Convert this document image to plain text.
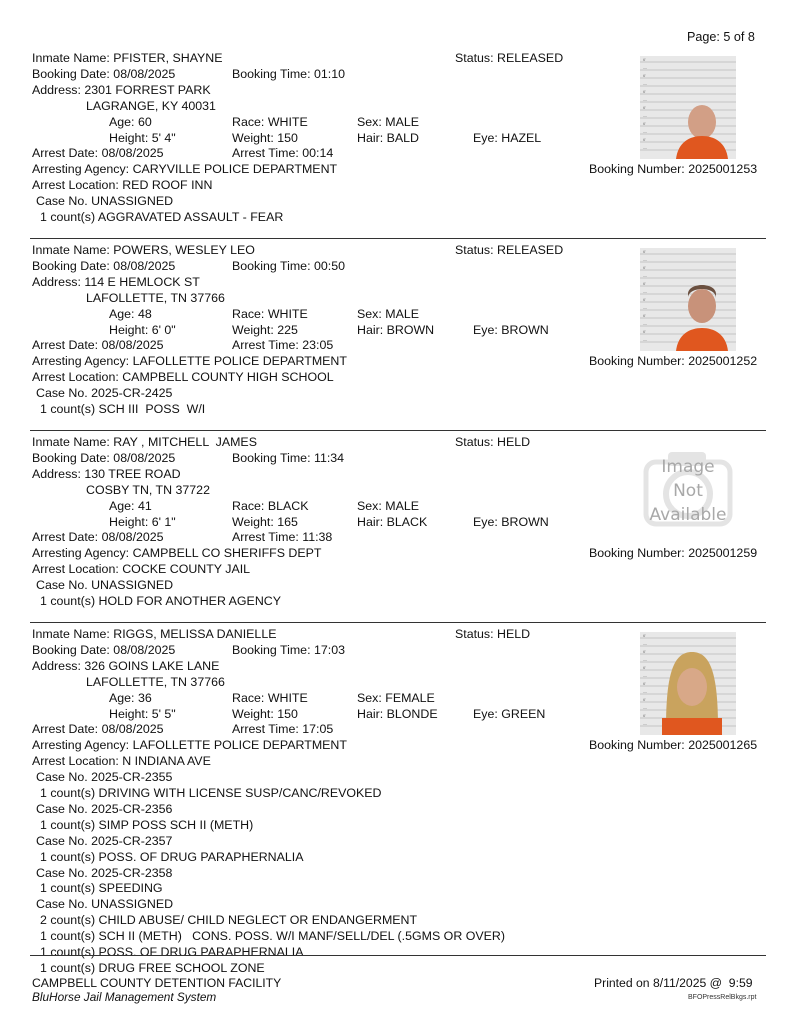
Page: 5 of 8
Inmate Name: PFISTER, SHAYNE	Status: RELEASED
Booking Date: 08/08/2025	Booking Time: 01:10
Address: 2301 FORREST PARK
LAGRANGE, KY 40031
Age: 60	Race: WHITE	Sex: MALE
Height: 5' 4"	Weight: 150	Hair: BALD	Eye: HAZEL
Arrest Date: 08/08/2025	Arrest Time: 00:14
Arresting Agency: CARYVILLE POLICE DEPARTMENT	Booking Number: 2025001253
Arrest Location: RED ROOF INN
Case No. UNASSIGNED
1 count(s) AGGRAVATED ASSAULT - FEAR
6'
—
6'
—
6'
—
6'
—
6'
—
6'
—
Inmate Name: POWERS, WESLEY LEO	Status: RELEASED
Booking Date: 08/08/2025	Booking Time: 00:50
Address: 114 E HEMLOCK ST
LAFOLLETTE, TN 37766
Age: 48	Race: WHITE	Sex: MALE
Height: 6' 0"	Weight: 225	Hair: BROWN	Eye: BROWN
Arrest Date: 08/08/2025	Arrest Time: 23:05
Arresting Agency: LAFOLLETTE POLICE DEPARTMENT	Booking Number: 2025001252
Arrest Location: CAMPBELL COUNTY HIGH SCHOOL
Case No. 2025-CR-2425
1 count(s) SCH III  POSS  W/I
6'
—
6'
—
6'
—
6'
—
6'
—
6'
—
Inmate Name: RAY , MITCHELL  JAMES	Status: HELD
Booking Date: 08/08/2025	Booking Time: 11:34
Address: 130 TREE ROAD
COSBY TN, TN 37722
Age: 41	Race: BLACK	Sex: MALE
Height: 6' 1"	Weight: 165	Hair: BLACK	Eye: BROWN
Arrest Date: 08/08/2025	Arrest Time: 11:38
Arresting Agency: CAMPBELL CO SHERIFFS DEPT	Booking Number: 2025001259
Arrest Location: COCKE COUNTY JAIL
Case No. UNASSIGNED
1 count(s) HOLD FOR ANOTHER AGENCY
Image
Not
Available
Inmate Name: RIGGS, MELISSA DANIELLE	Status: HELD
Booking Date: 08/08/2025	Booking Time: 17:03
Address: 326 GOINS LAKE LANE
LAFOLLETTE, TN 37766
Age: 36	Race: WHITE	Sex: FEMALE
Height: 5' 5"	Weight: 150	Hair: BLONDE	Eye: GREEN
Arrest Date: 08/08/2025	Arrest Time: 17:05
Arresting Agency: LAFOLLETTE POLICE DEPARTMENT	Booking Number: 2025001265
Arrest Location: N INDIANA AVE
Case No. 2025-CR-2355
1 count(s) DRIVING WITH LICENSE SUSP/CANC/REVOKED
Case No. 2025-CR-2356
1 count(s) SIMP POSS SCH II (METH)
Case No. 2025-CR-2357
1 count(s) POSS. OF DRUG PARAPHERNALIA
Case No. 2025-CR-2358
1 count(s) SPEEDING
Case No. UNASSIGNED
2 count(s) CHILD ABUSE/ CHILD NEGLECT OR ENDANGERMENT
1 count(s) SCH II (METH)   CONS. POSS. W/I MANF/SELL/DEL (.5GMS OR OVER)
1 count(s) POSS. OF DRUG PARAPHERNALIA
1 count(s) DRUG FREE SCHOOL ZONE
6'
—
6'
—
6'
—
6'
—
6'
—
6'
—
CAMPBELL COUNTY DETENTION FACILITY
BluHorse Jail Management System
Printed on 8/11/2025 @  9:59
BFOPressRelBkgs.rpt
